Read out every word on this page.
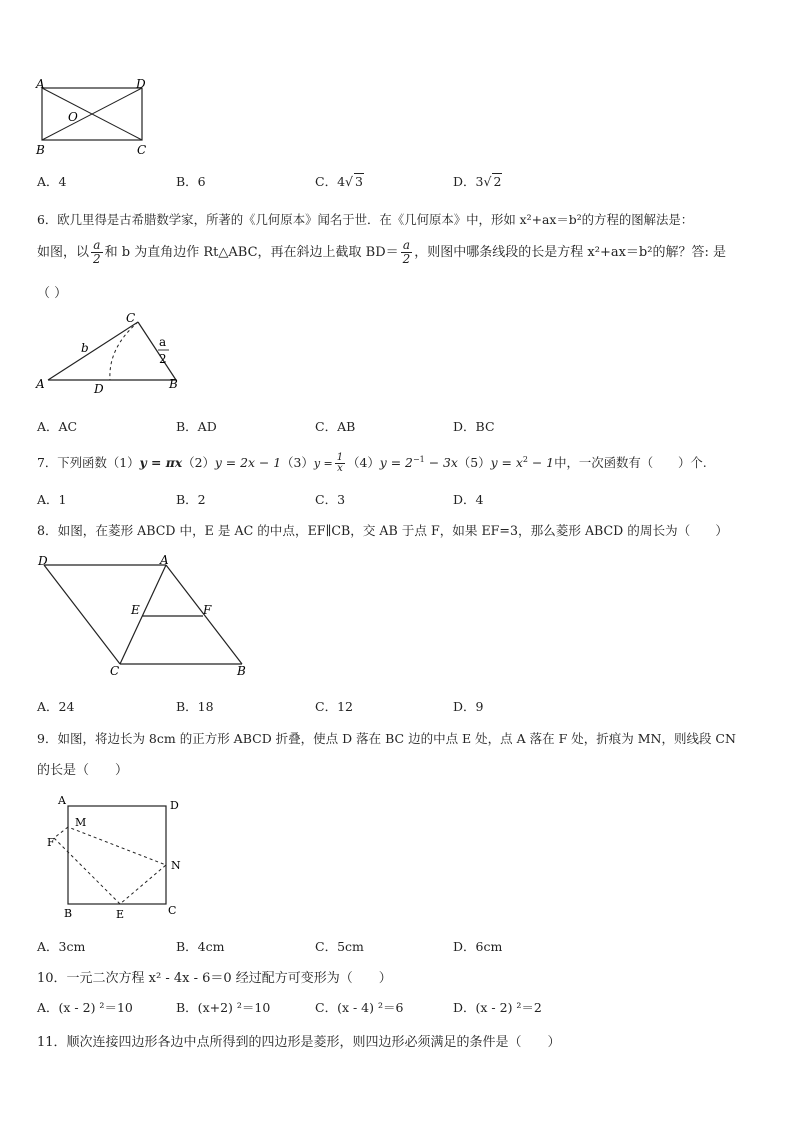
A	D
O
B	C
A．4	B．6	C．4√ 3	D．3√ 2
6．欧几里得是古希腊数学家，所著的《几何原本》闻名于世．在《几何原本》中，形如 x²+ax＝b²的方程的图解法是：
如图，以 $\frac{a}{2}$ 和 b 为直角边作 Rt△ABC，再在斜边上截取 $BD= \frac{a}{2}$ ，则图中哪条线段的长是方程 x²+ax＝b²的解？答: 是
（ ）
C
b	a
2
A	D	B
A．AC	B．AD	C．AB	D．BC
7．下列函数$(1)y = \pi x(2)y = 2x - 1(3)y = \frac{1}{x} (4)y = 2^{-1} - 3x(5)y = x^2 - 1$中，一次函数有（　　）个.
A．1	B．2	C．3	D．4
8．如图，在菱形 ABCD 中，E 是 AC 的中点，EF∥CB，交 AB 于点 F，如果 EF=3，那么菱形 ABCD 的周长为（　　）
D	A
E	F
C	B
A．24	B．18	C．12	D．9
9．如图，将边长为 8cm 的正方形 ABCD 折叠，使点 D 落在 BC 边的中点 E 处，点 A 落在 F 处，折痕为 MN，则线段 CN
的长是（　　）
A	D
M
F
N
B	E	C
A．3cm	B．4cm	C．5cm	D．6cm
10．一元二次方程 x² - 4x - 6＝0 经过配方可变形为（　　）
A．(x - 2) ²＝10	B．(x+2) ²＝10	C．(x - 4) ²＝6	D．(x - 2) ²＝2
11．顺次连接四边形各边中点所得到的四边形是菱形，则四边形必须满足的条件是（　　）
